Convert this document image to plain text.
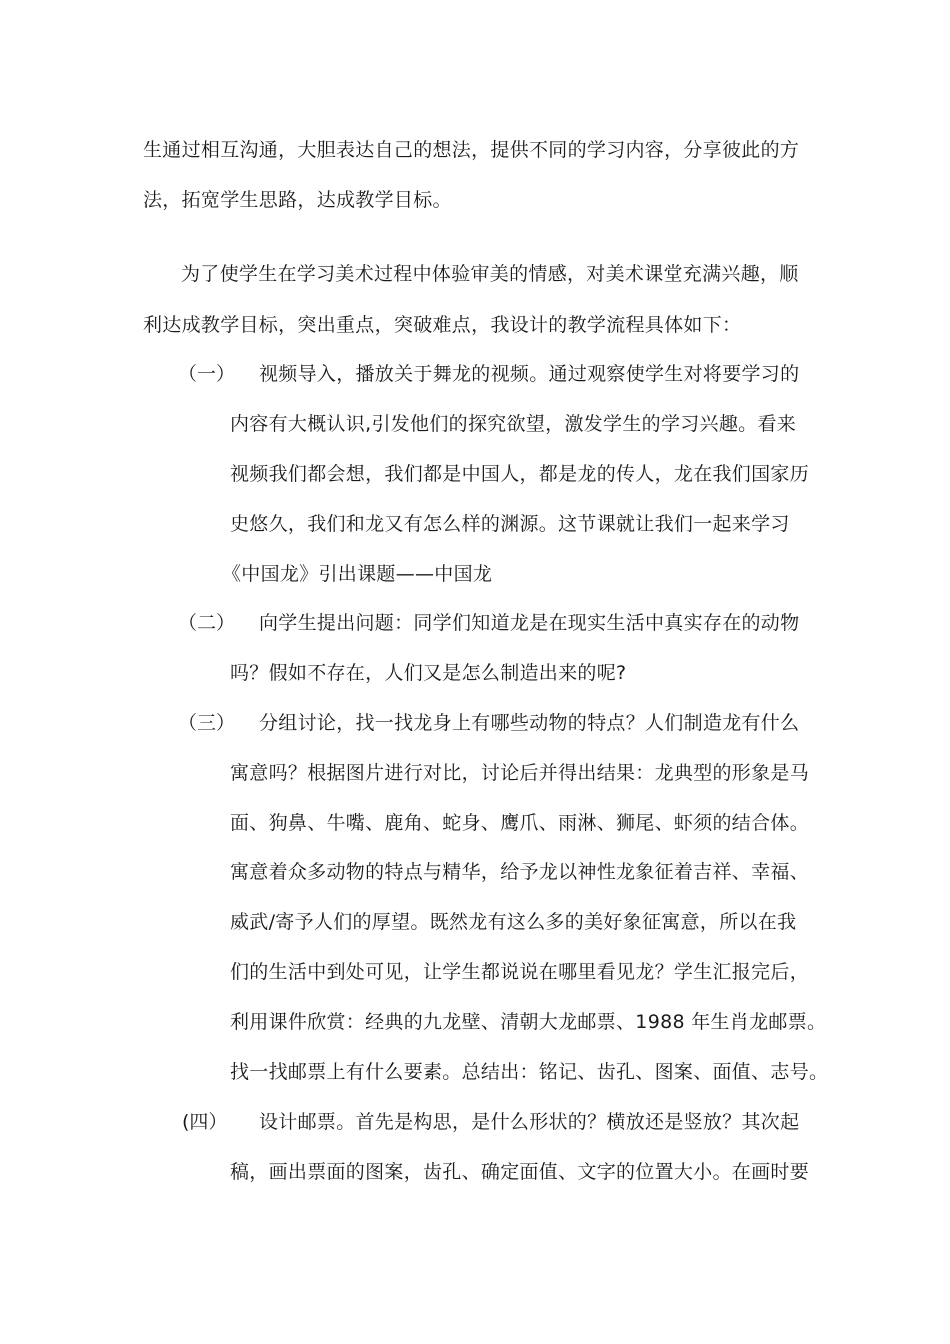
生通过相互沟通，大胆表达自己的想法，提供不同的学习内容，分享彼此的方
法，拓宽学生思路，达成教学目标。
为了使学生在学习美术过程中体验审美的情感，对美术课堂充满兴趣，顺
利达成教学目标，突出重点，突破难点，我设计的教学流程具体如下：
（一） 视频导入，播放关于舞龙的视频。通过观察使学生对将要学习的
内容有大概认识,引发他们的探究欲望，激发学生的学习兴趣。看来
视频我们都会想，我们都是中国人，都是龙的传人，龙在我们国家历
史悠久，我们和龙又有怎么样的渊源。这节课就让我们一起来学习
《中国龙》引出课题——中国龙
（二） 向学生提出问题：同学们知道龙是在现实生活中真实存在的动物
吗？假如不存在，人们又是怎么制造出来的呢?
（三） 分组讨论，找一找龙身上有哪些动物的特点？人们制造龙有什么
寓意吗？根据图片进行对比，讨论后并得出结果：龙典型的形象是马
面、狗鼻、牛嘴、鹿角、蛇身、鹰爪、雨淋、狮尾、虾须的结合体。
寓意着众多动物的特点与精华，给予龙以神性龙象征着吉祥、幸福、
威武/寄予人们的厚望。既然龙有这么多的美好象征寓意，所以在我
们的生活中到处可见，让学生都说说在哪里看见龙？学生汇报完后，
利用课件欣赏：经典的九龙壁、清朝大龙邮票、1988 年生肖龙邮票。
找一找邮票上有什么要素。总结出：铭记、齿孔、图案、面值、志号。
(四） 设计邮票。首先是构思，是什么形状的？横放还是竖放？其次起
稿，画出票面的图案，齿孔、确定面值、文字的位置大小。在画时要
